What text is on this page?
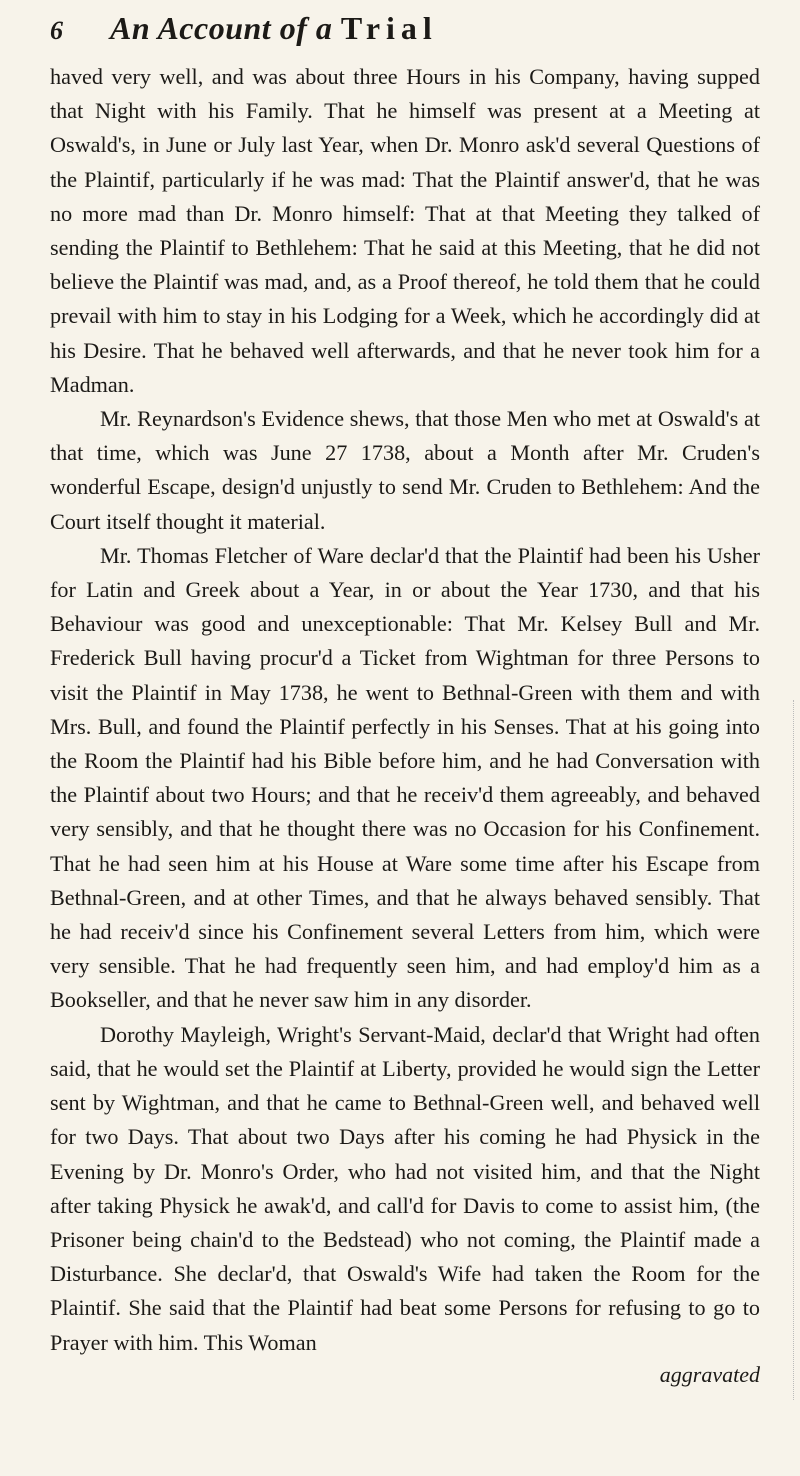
6	An Account of a Trial

haved very well, and was about three Hours in his Company, having supped that Night with his Family. That he himself was present at a Meeting at Oswald's, in June or July last Year, when Dr. Monro ask'd several Questions of the Plaintif, particularly if he was mad: That the Plaintif answer'd, that he was no more mad than Dr. Monro himself: That at that Meeting they talked of sending the Plaintif to Bethlehem: That he said at this Meeting, that he did not believe the Plaintif was mad, and, as a Proof thereof, he told them that he could prevail with him to stay in his Lodging for a Week, which he accordingly did at his Desire. That he behaved well afterwards, and that he never took him for a Madman.

Mr. Reynardson's Evidence shews, that those Men who met at Oswald's at that time, which was June 27 1738, about a Month after Mr. Cruden's wonderful Escape, design'd unjustly to send Mr. Cruden to Bethlehem: And the Court itself thought it material.

Mr. Thomas Fletcher of Ware declar'd that the Plaintif had been his Usher for Latin and Greek about a Year, in or about the Year 1730, and that his Behaviour was good and unexceptionable: That Mr. Kelsey Bull and Mr. Frederick Bull having procur'd a Ticket from Wightman for three Persons to visit the Plaintif in May 1738, he went to Bethnal-Green with them and with Mrs. Bull, and found the Plaintif perfectly in his Senses. That at his going into the Room the Plaintif had his Bible before him, and he had Conversation with the Plaintif about two Hours; and that he receiv'd them agreeably, and behaved very sensibly, and that he thought there was no Occasion for his Confinement. That he had seen him at his House at Ware some time after his Escape from Bethnal-Green, and at other Times, and that he always behaved sensibly. That he had receiv'd since his Confinement several Letters from him, which were very sensible. That he had frequently seen him, and had employ'd him as a Bookseller, and that he never saw him in any disorder.

Dorothy Mayleigh, Wright's Servant-Maid, declar'd that Wright had often said, that he would set the Plaintif at Liberty, provided he would sign the Letter sent by Wightman, and that he came to Bethnal-Green well, and behaved well for two Days. That about two Days after his coming he had Physick in the Evening by Dr. Monro's Order, who had not visited him, and that the Night after taking Physick he awak'd, and call'd for Davis to come to assist him, (the Prisoner being chain'd to the Bedstead) who not coming, the Plaintif made a Disturbance. She declar'd, that Oswald's Wife had taken the Room for the Plaintif. She said that the Plaintif had beat some Persons for refusing to go to Prayer with him. This Woman

aggravated
